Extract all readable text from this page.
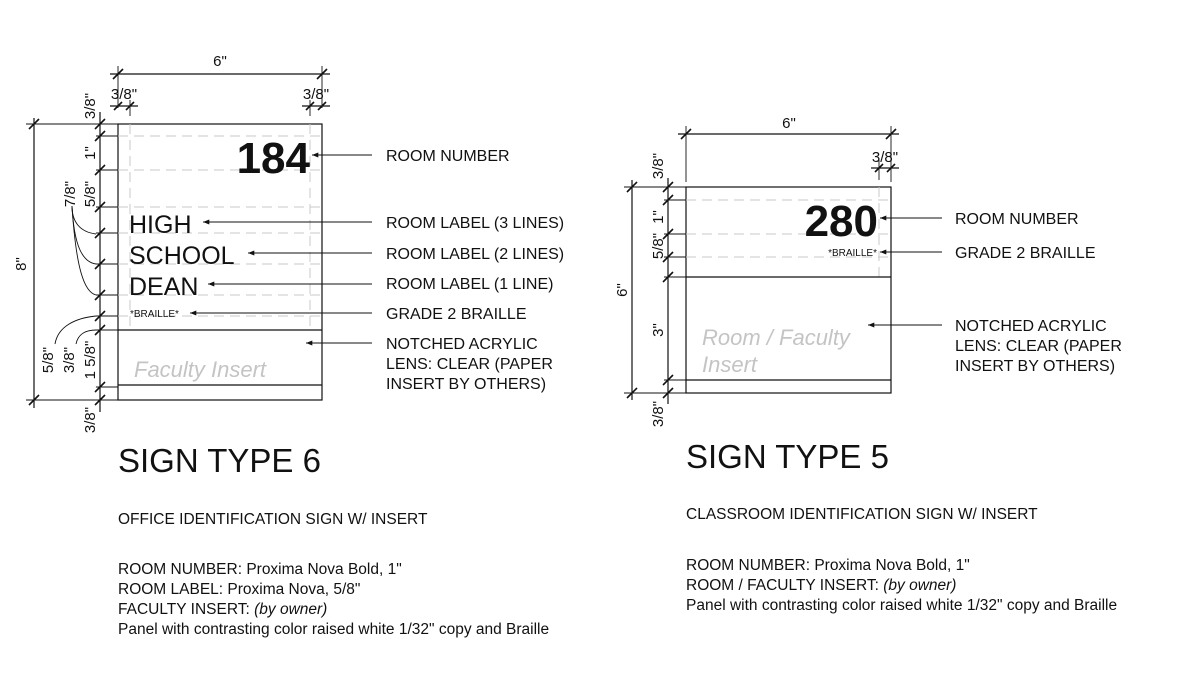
6"
3/8"	3/8"
8"
3/8"
1"
7/8" 5/8"
5/8" 3/8" 1 5/8"
3/8"
184
HIGH
SCHOOL
DEAN
*BRAILLE*
Faculty Insert
ROOM NUMBER
ROOM LABEL (3 LINES)
ROOM LABEL (2 LINES)
ROOM LABEL (1 LINE)
GRADE 2 BRAILLE
NOTCHED ACRYLIC
LENS: CLEAR (PAPER
INSERT BY OTHERS)
SIGN TYPE 6
OFFICE IDENTIFICATION SIGN W/ INSERT
ROOM NUMBER: Proxima Nova Bold, 1"
ROOM LABEL: Proxima Nova, 5/8"
FACULTY INSERT: (by owner)
Panel with contrasting color raised white 1/32" copy and Braille
6"
3/8"
6"
3/8"
1"
5/8"
3"
3/8"
280
*BRAILLE*
Room / Faculty
Insert
ROOM NUMBER
GRADE 2 BRAILLE
NOTCHED ACRYLIC
LENS: CLEAR (PAPER
INSERT BY OTHERS)
SIGN TYPE 5
CLASSROOM IDENTIFICATION SIGN W/ INSERT
ROOM NUMBER: Proxima Nova Bold, 1"
ROOM / FACULTY INSERT: (by owner)
Panel with contrasting color raised white 1/32" copy and Braille
